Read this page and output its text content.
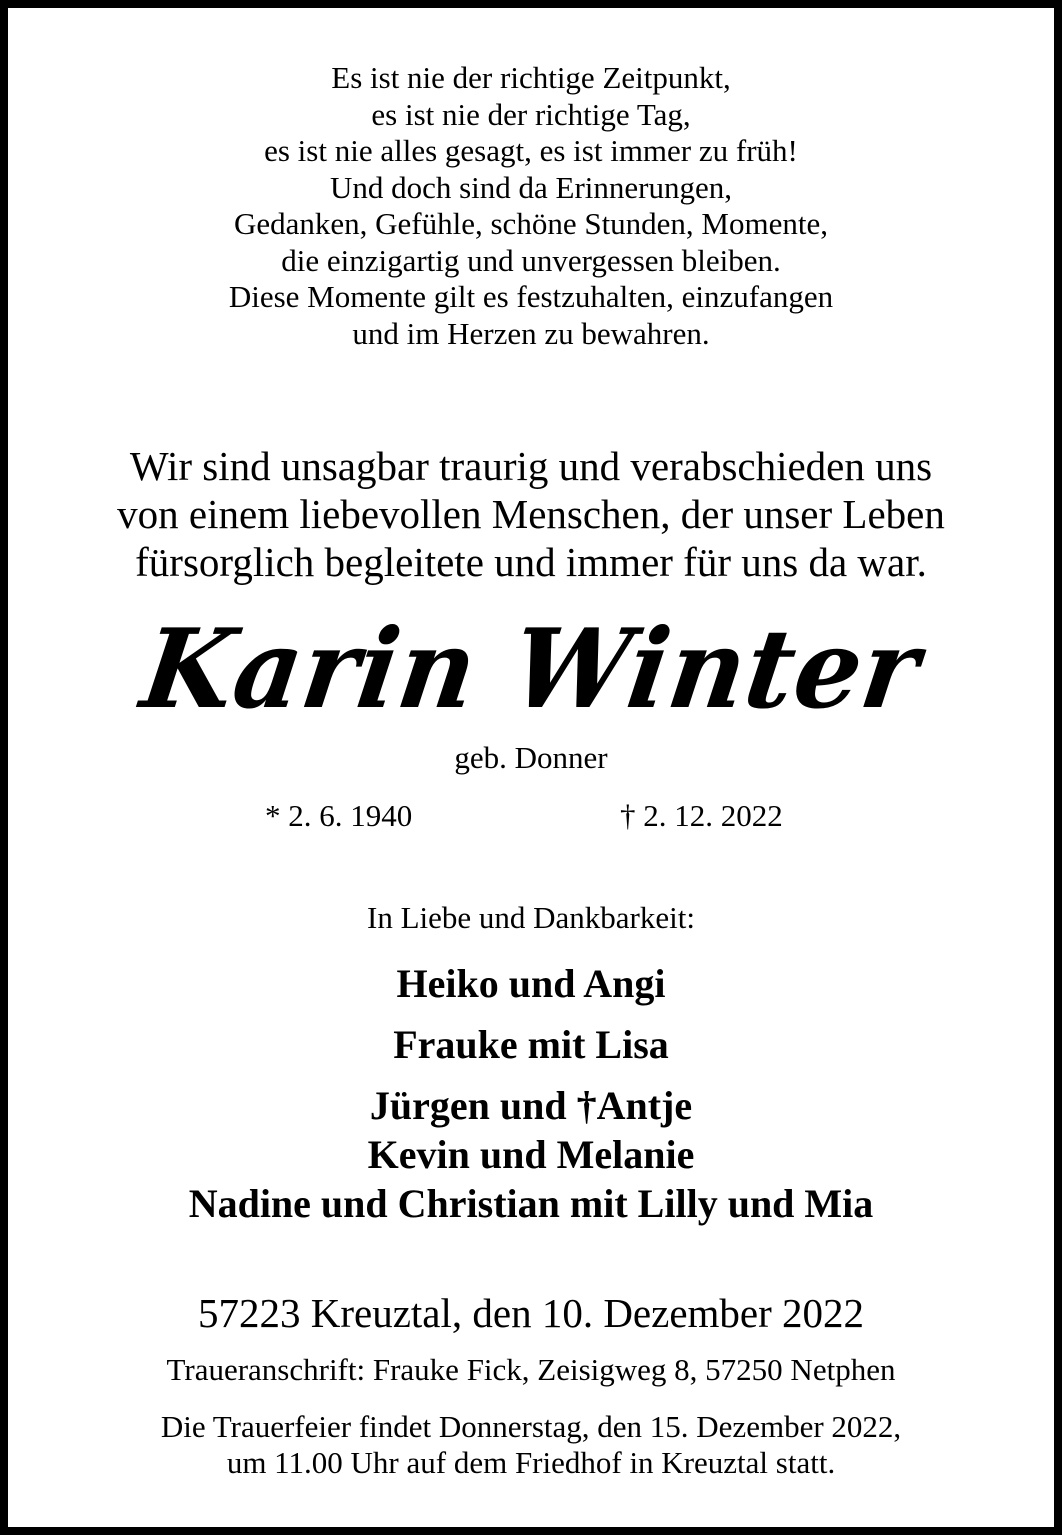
Es ist nie der richtige Zeitpunkt,
es ist nie der richtige Tag,
es ist nie alles gesagt, es ist immer zu früh!
Und doch sind da Erinnerungen,
Gedanken, Gefühle, schöne Stunden, Momente,
die einzigartig und unvergessen bleiben.
Diese Momente gilt es festzuhalten, einzufangen
und im Herzen zu bewahren.
Wir sind unsagbar traurig und verabschieden uns
von einem liebevollen Menschen, der unser Leben
fürsorglich begleitete und immer für uns da war.
Karin Winter
geb. Donner
* 2. 6. 1940	† 2. 12. 2022
In Liebe und Dankbarkeit:
Heiko und Angi
Frauke mit Lisa
Jürgen und †Antje
Kevin und Melanie
Nadine und Christian mit Lilly und Mia
57223 Kreuztal, den 10. Dezember 2022
Traueranschrift: Frauke Fick, Zeisigweg 8, 57250 Netphen
Die Trauerfeier findet Donnerstag, den 15. Dezember 2022,
um 11.00 Uhr auf dem Friedhof in Kreuztal statt.
